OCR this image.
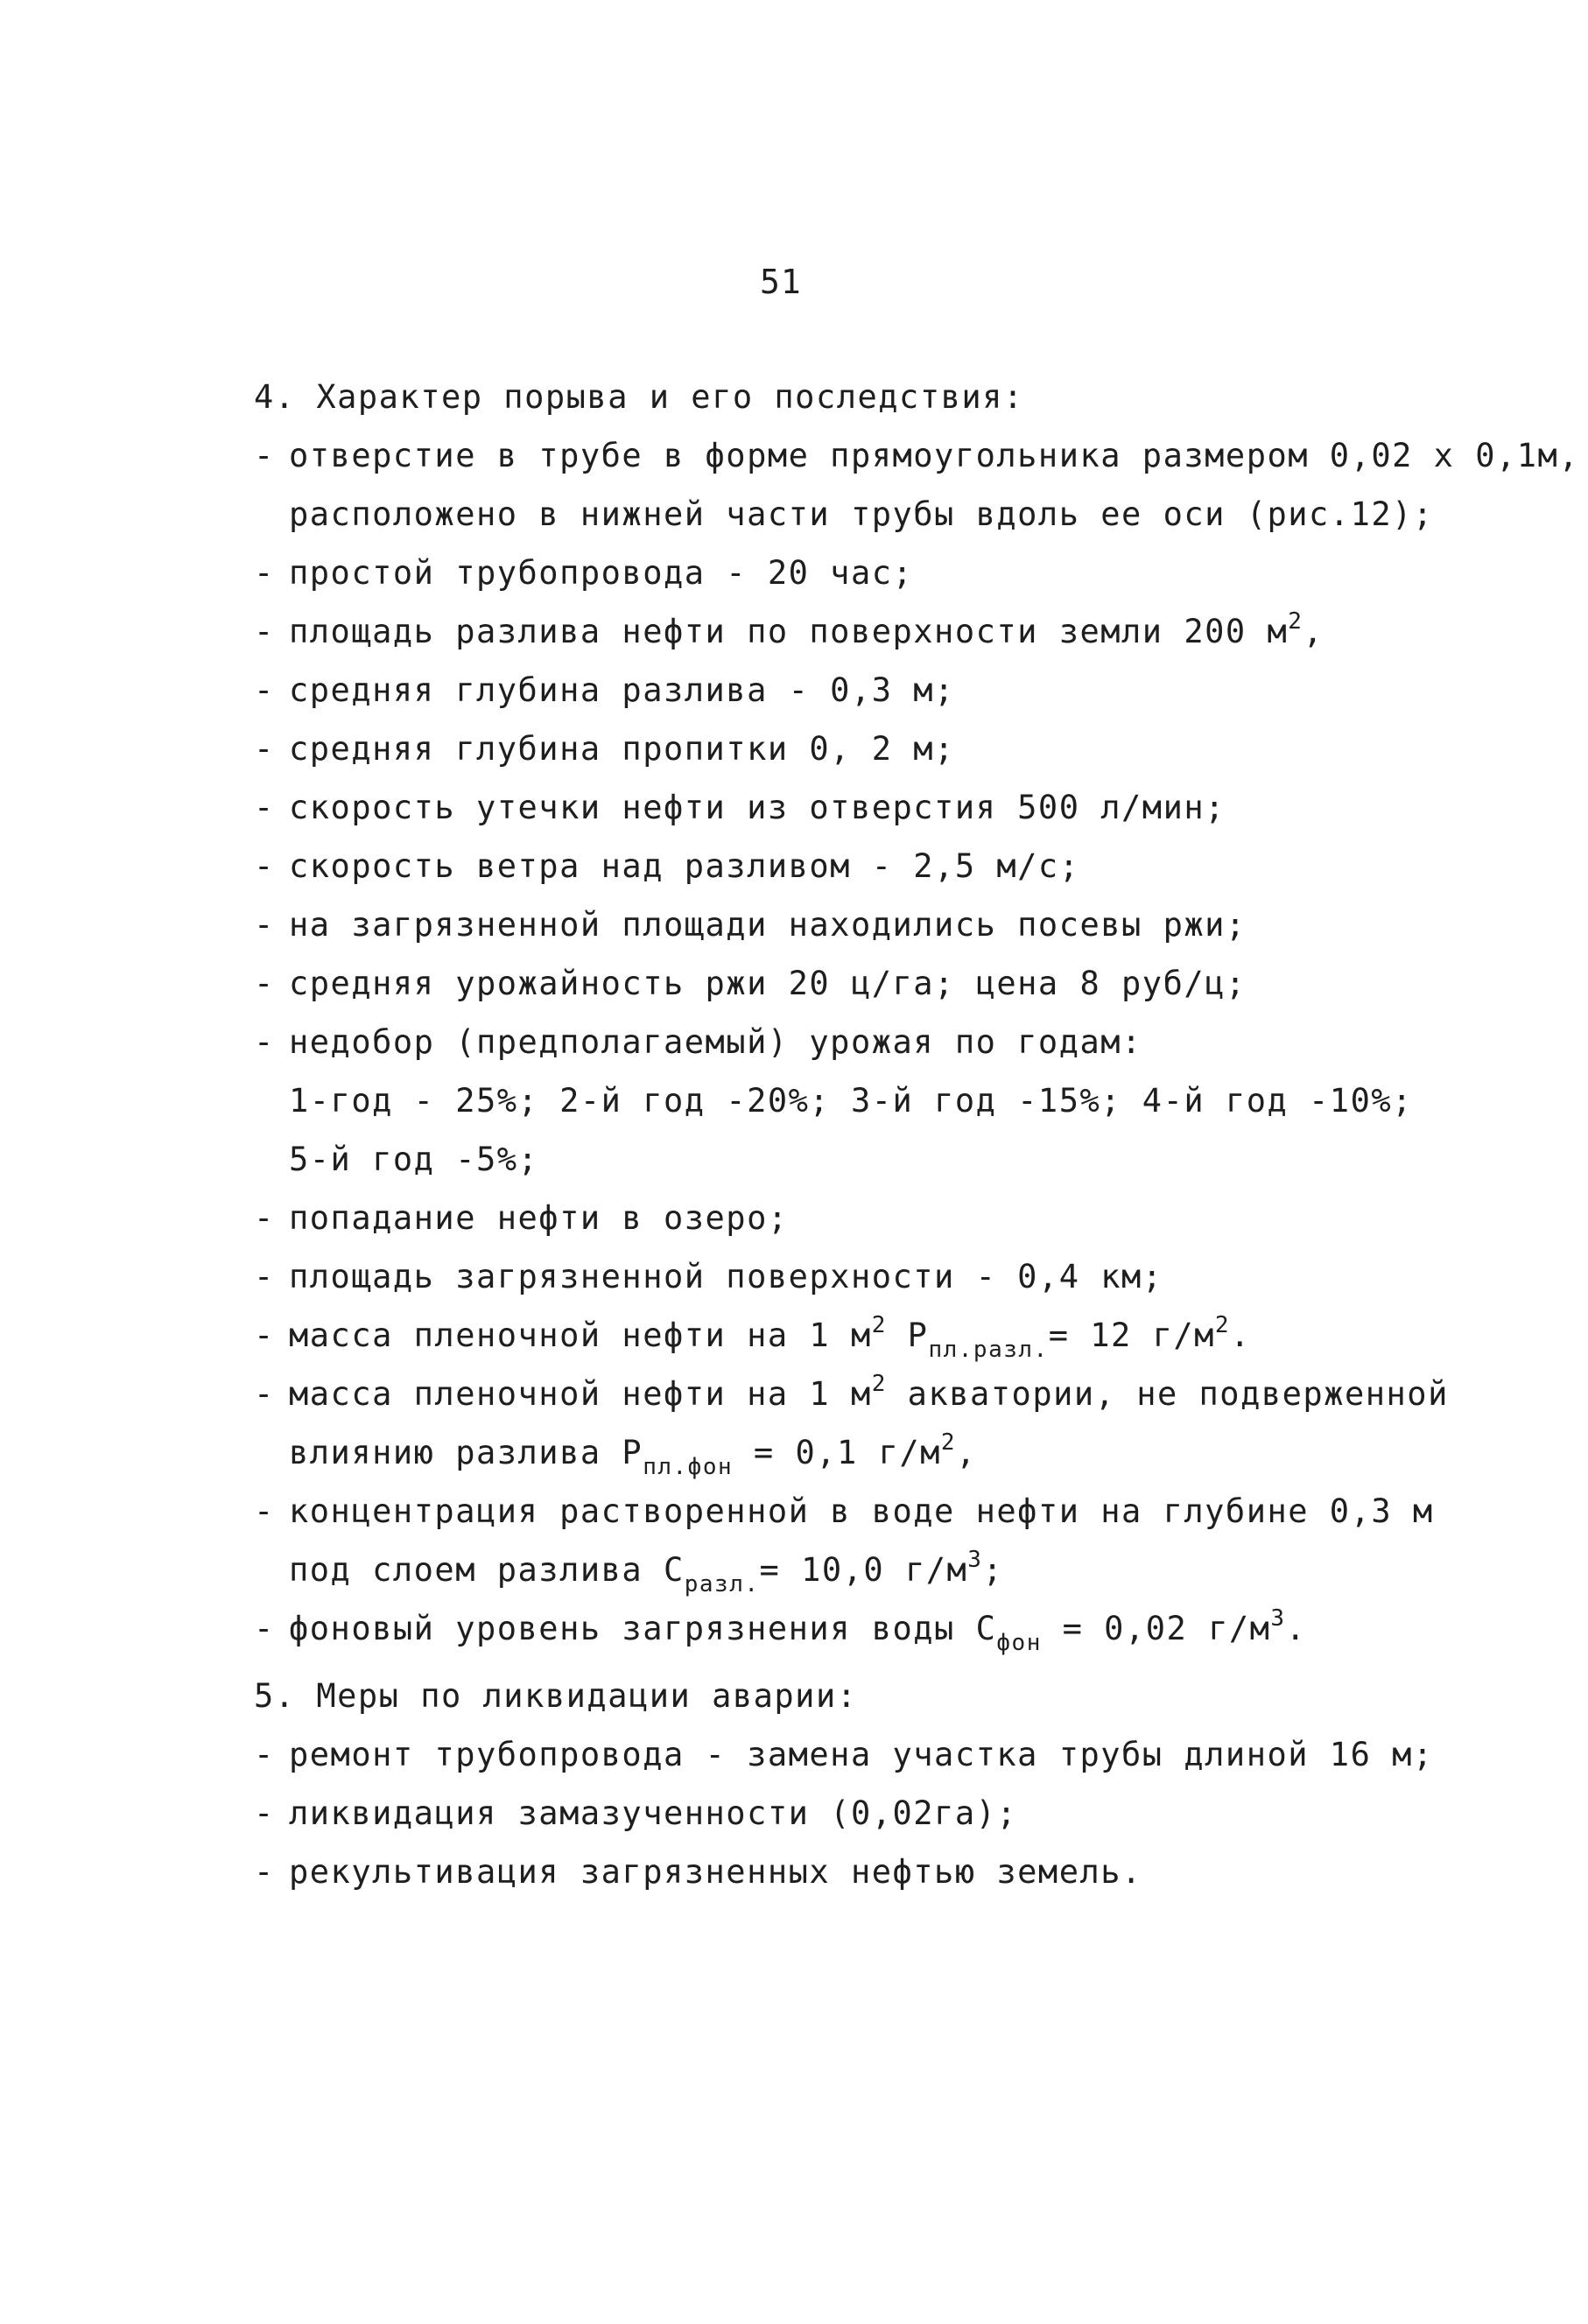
51
4. Характер порыва и его последствия:
- отверстие в трубе в форме прямоугольника размером 0,02 х 0,1м,
расположено в нижней части трубы вдоль ее оси (рис.12);
- простой трубопровода - 20 час;
- площадь разлива нефти по поверхности земли 200 $м^2$,
- средняя глубина разлива - 0,3 м;
- средняя глубина пропитки 0, 2 м;
- скорость утечки нефти из отверстия 500 л/мин;
- скорость ветра над разливом - 2,5 м/с;
- на загрязненной площади находились посевы ржи;
- средняя урожайность ржи 20 ц/га; цена 8 руб/ц;
- недобор (предполагаемый) урожая по годам:
1-год - 25%; 2-й год -20%; 3-й год -15%; 4-й год -10%;
5-й год -5%;
- попадание нефти в озеро;
- площадь загрязненной поверхности - 0,4 км;
- масса пленочной нефти на 1 $м^2$ $P_{пл.разл.}= 12$ $г/м^2$.
- масса пленочной нефти на 1 $м^2$ акватории, не подверженной
влиянию разлива $P_{пл.фон} = 0,1$ $г/м^2$,
- концентрация растворенной в воде нефти на глубине 0,3 м
под слоем разлива $C_{разл.}= 10,0$ $г/м^3$;
- фоновый уровень загрязнения воды $C_{фон} = 0,02$ $г/м^3$.
5. Меры по ликвидации аварии:
- ремонт трубопровода - замена участка трубы длиной 16 м;
- ликвидация замазученности (0,02га);
- рекультивация загрязненных нефтью земель.
